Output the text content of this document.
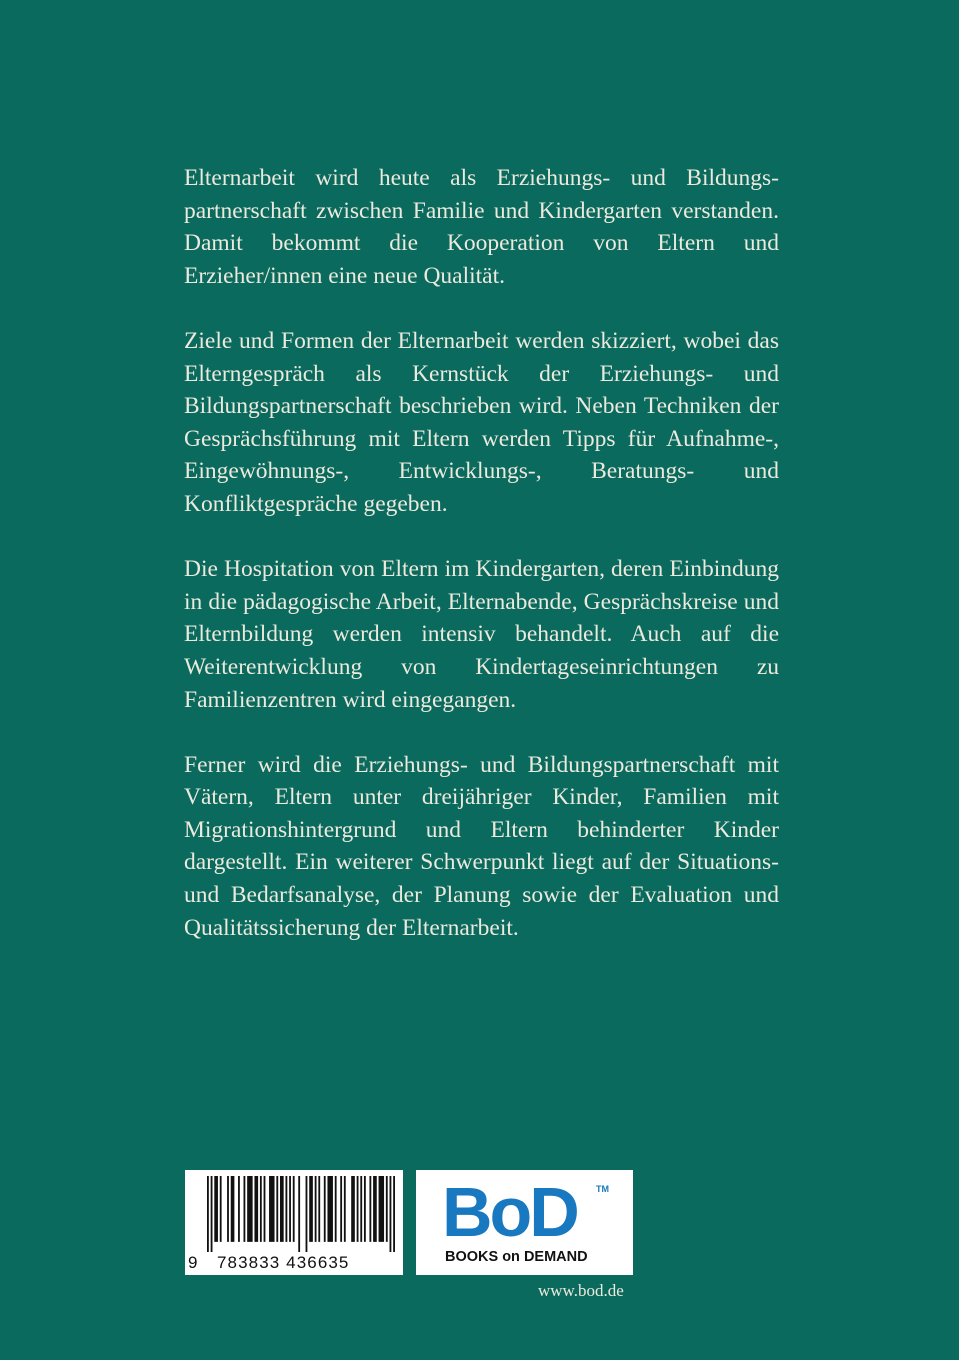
Elternarbeit wird heute als Erziehungs- und Bildungspartnerschaft zwischen Familie und Kindergarten verstanden. Damit bekommt die Kooperation von Eltern und Erzieher/innen eine neue Qualität.

Ziele und Formen der Elternarbeit werden skizziert, wobei das Elterngespräch als Kernstück der Erziehungs- und Bildungspartnerschaft beschrieben wird. Neben Techniken der Gesprächsführung mit Eltern werden Tipps für Aufnahme-, Eingewöhnungs-, Entwicklungs-, Beratungs- und Konfliktgespräche gegeben.

Die Hospitation von Eltern im Kindergarten, deren Einbindung in die pädagogische Arbeit, Elternabende, Gesprächskreise und Elternbildung werden intensiv behandelt. Auch auf die Weiterentwicklung von Kindertageseinrichtungen zu Familienzentren wird eingegangen.

Ferner wird die Erziehungs- und Bildungspartnerschaft mit Vätern, Eltern unter dreijähriger Kinder, Familien mit Migrationshintergrund und Eltern behinderter Kinder dargestellt. Ein weiterer Schwerpunkt liegt auf der Situations- und Bedarfsanalyse, der Planung sowie der Evaluation und Qualitätssicherung der Elternarbeit.

9 783833 436635
BoD TM
BOOKS on DEMAND
www.bod.de
